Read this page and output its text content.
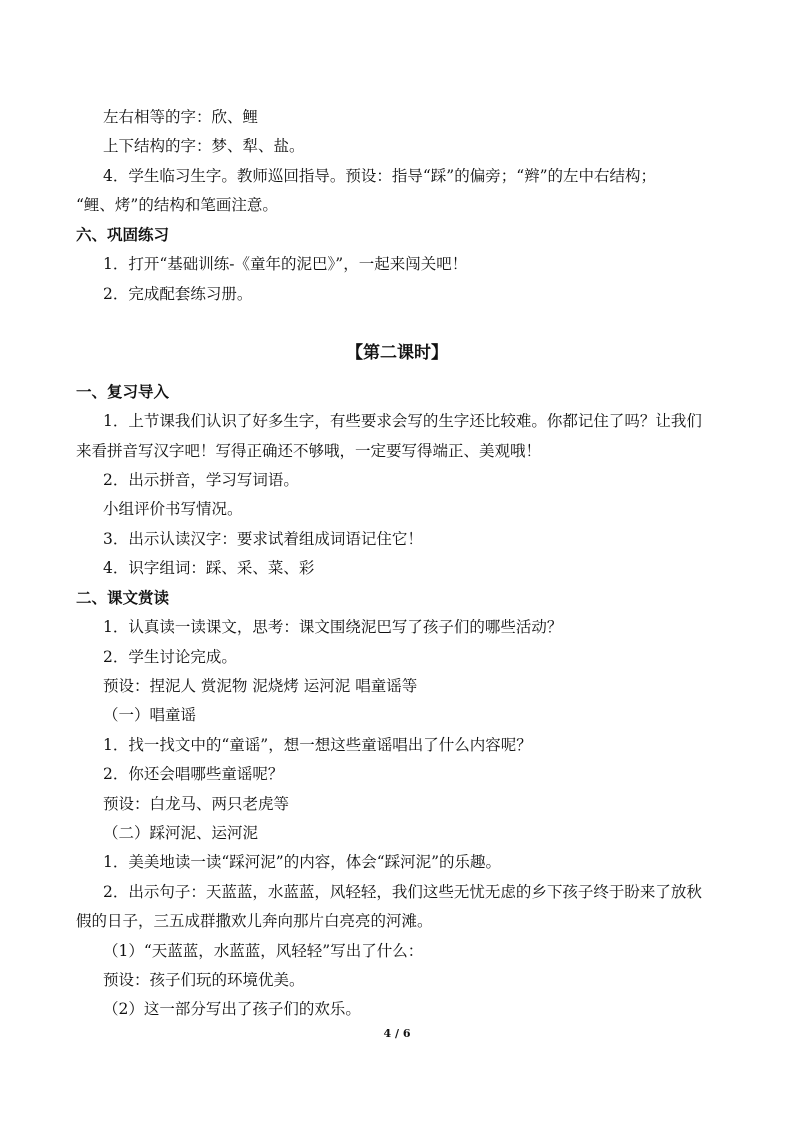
左右相等的字：欣、鲤
上下结构的字：梦、犁、盐。
4．学生临习生字。教师巡回指导。预设：指导“踩”的偏旁；“辫”的左中右结构；
“鲤、烤”的结构和笔画注意。
六、巩固练习
1．打开“基础训练-《童年的泥巴》”，一起来闯关吧！
2．完成配套练习册。
【第二课时】
一、复习导入
1．上节课我们认识了好多生字，有些要求会写的生字还比较难。你都记住了吗？让我们
来看拼音写汉字吧！写得正确还不够哦，一定要写得端正、美观哦！
2．出示拼音，学习写词语。
小组评价书写情况。
3．出示认读汉字：要求试着组成词语记住它！
4．识字组词：踩、采、菜、彩
二、课文赏读
1．认真读一读课文，思考：课文围绕泥巴写了孩子们的哪些活动？
2．学生讨论完成。
预设：捏泥人 赏泥物 泥烧烤 运河泥 唱童谣等
（一）唱童谣
1．找一找文中的“童谣”，想一想这些童谣唱出了什么内容呢？
2．你还会唱哪些童谣呢？
预设：白龙马、两只老虎等
（二）踩河泥、运河泥
1．美美地读一读“踩河泥”的内容，体会“踩河泥”的乐趣。
2．出示句子：天蓝蓝，水蓝蓝，风轻轻，我们这些无忧无虑的乡下孩子终于盼来了放秋
假的日子，三五成群撒欢儿奔向那片白亮亮的河滩。
（1）“天蓝蓝，水蓝蓝，风轻轻”写出了什么：
预设：孩子们玩的环境优美。
（2）这一部分写出了孩子们的欢乐。
4 / 6
